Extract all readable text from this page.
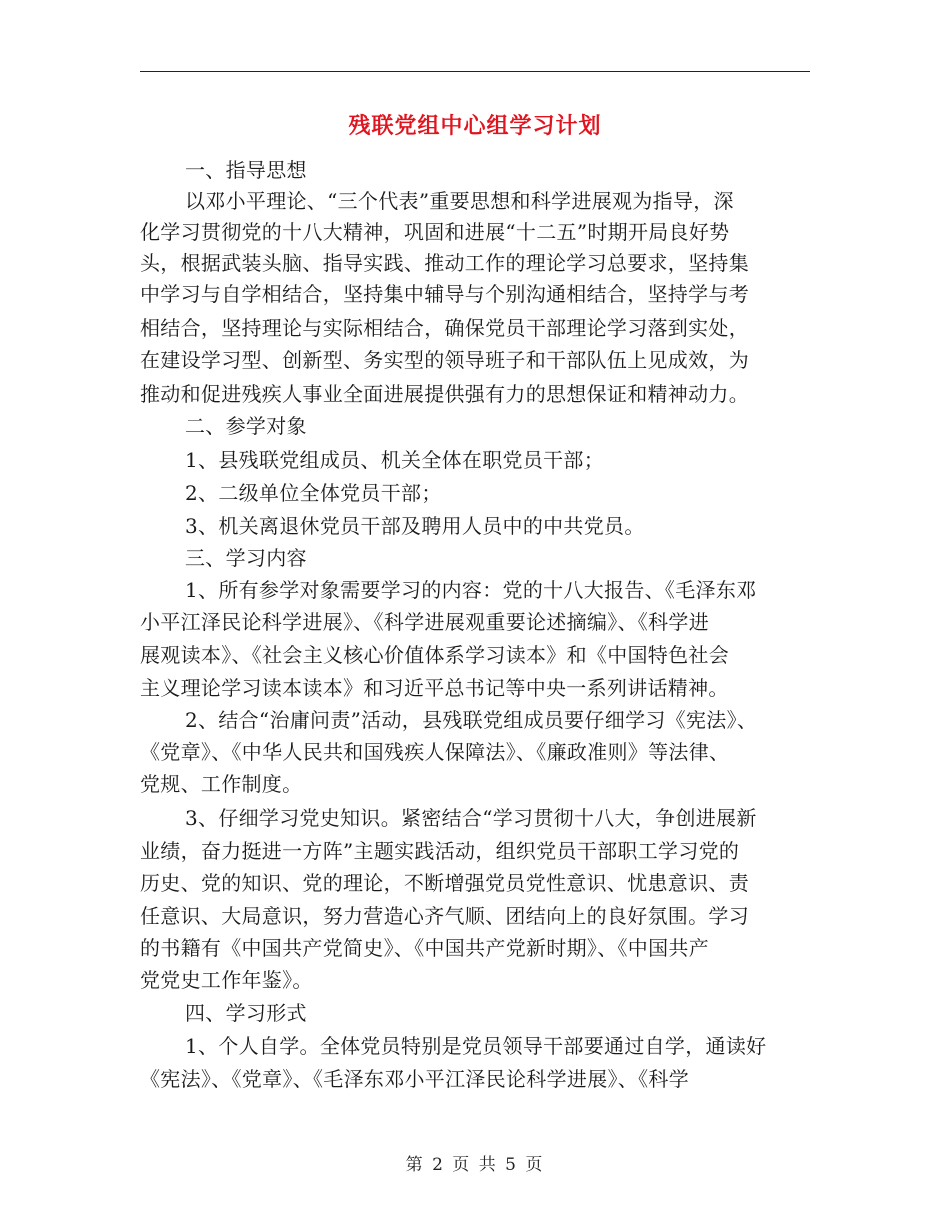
残联党组中心组学习计划
一、指导思想
以邓小平理论、“三个代表”重要思想和科学进展观为指导，深
化学习贯彻党的十八大精神，巩固和进展“十二五”时期开局良好势
头，根据武装头脑、指导实践、推动工作的理论学习总要求，坚持集
中学习与自学相结合，坚持集中辅导与个别沟通相结合，坚持学与考
相结合，坚持理论与实际相结合，确保党员干部理论学习落到实处，
在建设学习型、创新型、务实型的领导班子和干部队伍上见成效，为
推动和促进残疾人事业全面进展提供强有力的思想保证和精神动力。
二、参学对象
1、县残联党组成员、机关全体在职党员干部；
2、二级单位全体党员干部；
3、机关离退休党员干部及聘用人员中的中共党员。
三、学习内容
1、所有参学对象需要学习的内容：党的十八大报告、《毛泽东邓
小平江泽民论科学进展》、《科学进展观重要论述摘编》、《科学进
展观读本》、《社会主义核心价值体系学习读本》和《中国特色社会
主义理论学习读本读本》和习近平总书记等中央一系列讲话精神。
2、结合“治庸问责”活动，县残联党组成员要仔细学习《宪法》、
《党章》、《中华人民共和国残疾人保障法》、《廉政准则》等法律、
党规、工作制度。
3、仔细学习党史知识。紧密结合“学习贯彻十八大，争创进展新
业绩，奋力挺进一方阵”主题实践活动，组织党员干部职工学习党的
历史、党的知识、党的理论，不断增强党员党性意识、忧患意识、责
任意识、大局意识，努力营造心齐气顺、团结向上的良好氛围。学习
的书籍有《中国共产党简史》、《中国共产党新时期》、《中国共产
党党史工作年鉴》。
四、学习形式
1、个人自学。全体党员特别是党员领导干部要通过自学，通读好
《宪法》、《党章》、《毛泽东邓小平江泽民论科学进展》、《科学
第 2 页 共 5 页
